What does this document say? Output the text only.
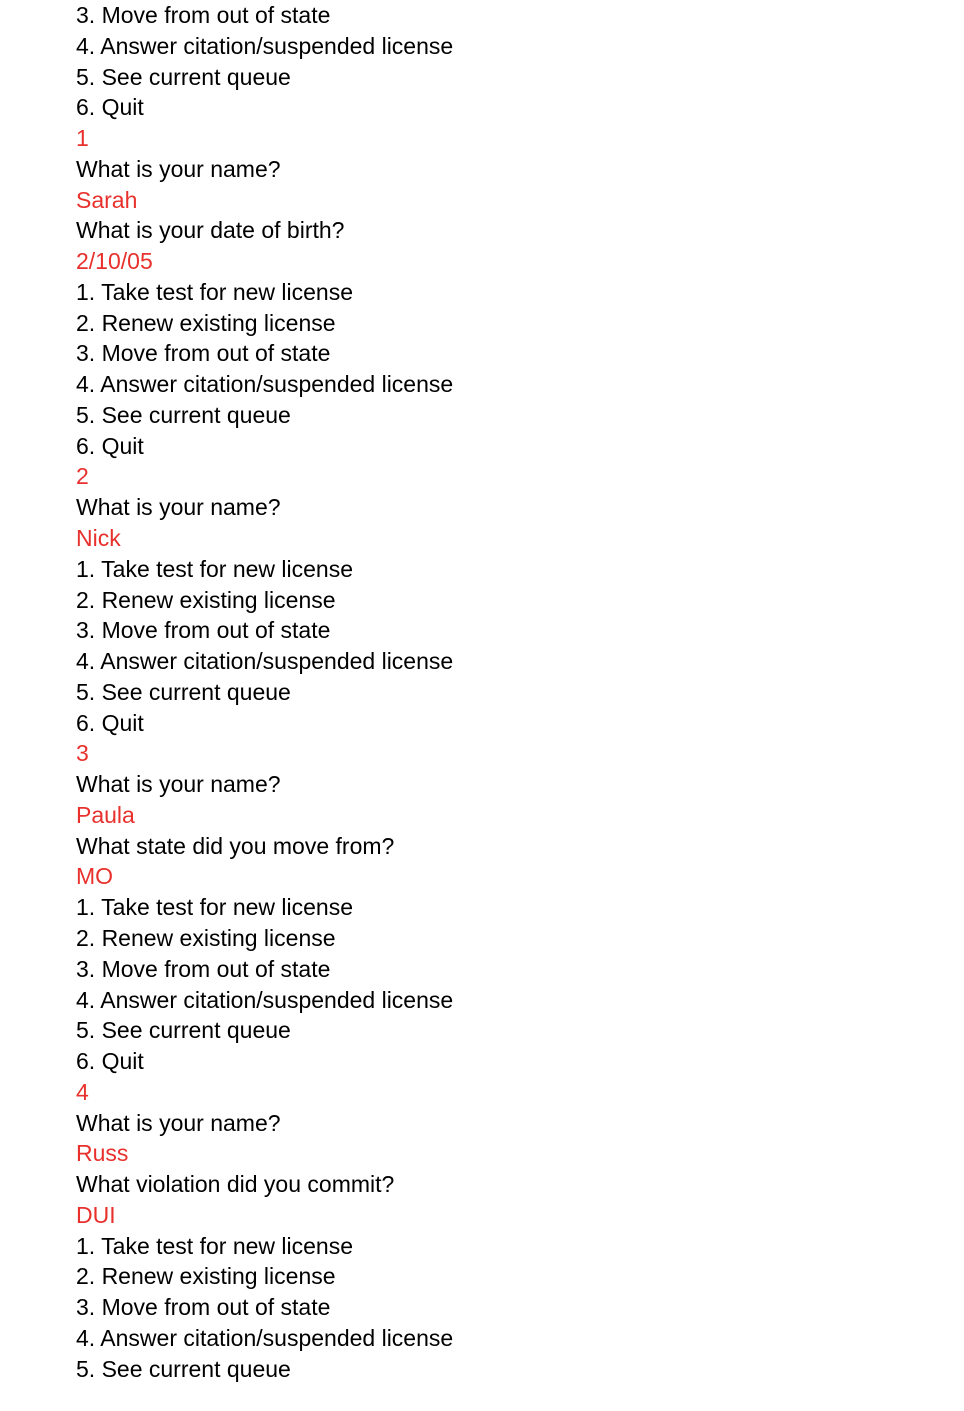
3. Move from out of state
4. Answer citation/suspended license
5. See current queue
6. Quit
1
What is your name?
Sarah
What is your date of birth?
2/10/05
1. Take test for new license
2. Renew existing license
3. Move from out of state
4. Answer citation/suspended license
5. See current queue
6. Quit
2
What is your name?
Nick
1. Take test for new license
2. Renew existing license
3. Move from out of state
4. Answer citation/suspended license
5. See current queue
6. Quit
3
What is your name?
Paula
What state did you move from?
MO
1. Take test for new license
2. Renew existing license
3. Move from out of state
4. Answer citation/suspended license
5. See current queue
6. Quit
4
What is your name?
Russ
What violation did you commit?
DUI
1. Take test for new license
2. Renew existing license
3. Move from out of state
4. Answer citation/suspended license
5. See current queue
